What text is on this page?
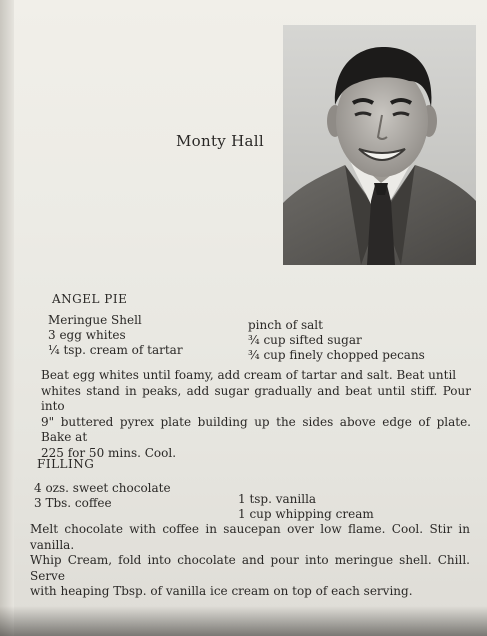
Monty Hall
ANGEL PIE
Meringue Shell
3 egg whites
¼ tsp. cream of tartar
pinch of salt
¾ cup sifted sugar
¾ cup finely chopped pecans
Beat egg whites until foamy, add cream of tartar and salt. Beat until
whites stand in peaks, add sugar gradually and beat until stiff. Pour into
9" buttered pyrex plate building up the sides above edge of plate. Bake at
225 for 50 mins. Cool.
FILLING
4 ozs. sweet chocolate
3 Tbs. coffee	1 tsp. vanilla
1 cup whipping cream
Melt chocolate with coffee in saucepan over low flame. Cool. Stir in vanilla.
Whip Cream, fold into chocolate and pour into meringue shell. Chill. Serve
with heaping Tbsp. of vanilla ice cream on top of each serving.
